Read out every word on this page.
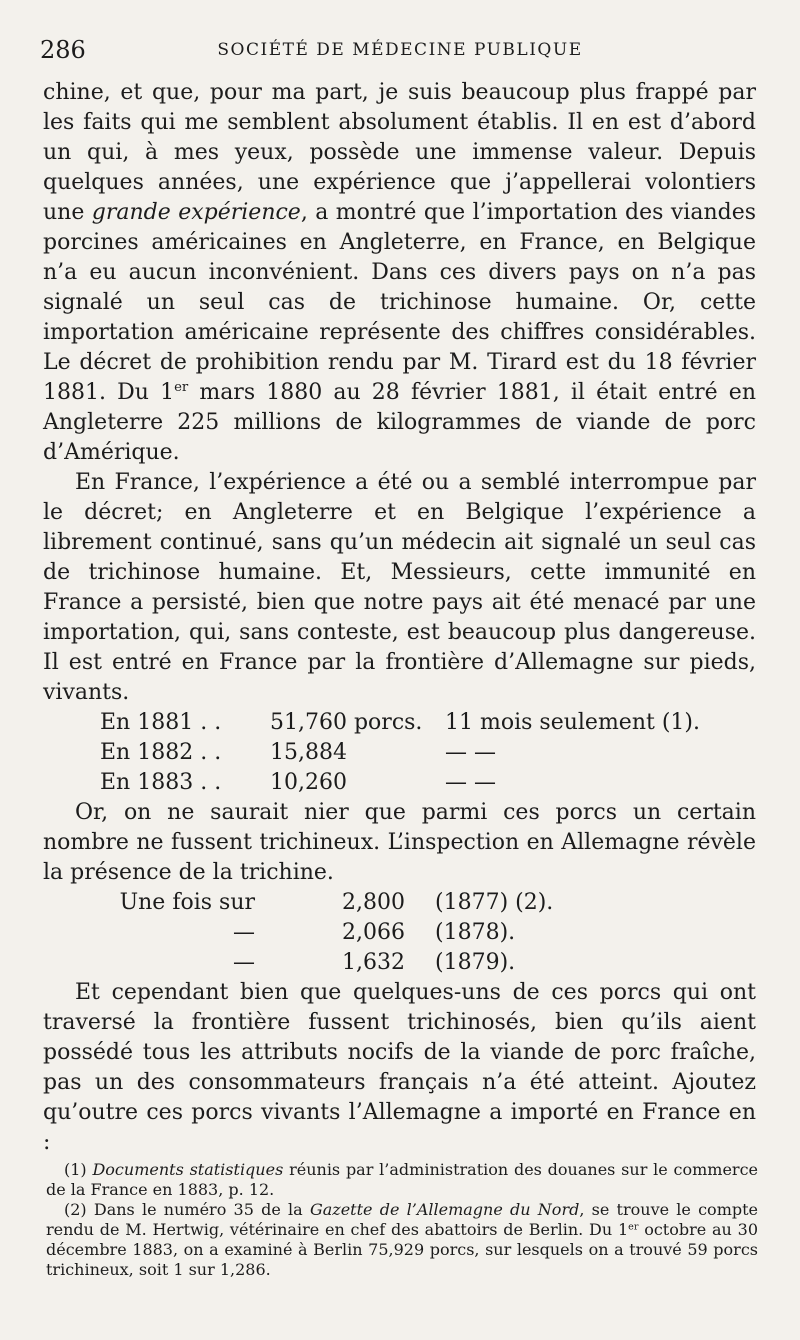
286	SOCIÉTÉ DE MÉDECINE PUBLIQUE

chine, et que, pour ma part, je suis beaucoup plus frappé par les faits qui me semblent absolument établis. Il en est d’abord un qui, à mes yeux, possède une immense valeur. Depuis quelques années, une expérience que j’appellerai volontiers une grande expérience, a montré que l’importation des viandes porcines américaines en Angleterre, en France, en Belgique n’a eu aucun inconvénient. Dans ces divers pays on n’a pas signalé un seul cas de trichinose humaine. Or, cette importation américaine représente des chiffres considérables. Le décret de prohibition rendu par M. Tirard est du 18 février 1881. Du 1er mars 1880 au 28 février 1881, il était entré en Angleterre 225 millions de kilogrammes de viande de porc d’Amérique.

En France, l’expérience a été ou a semblé interrompue par le décret; en Angleterre et en Belgique l’expérience a librement continué, sans qu’un médecin ait signalé un seul cas de trichinose humaine. Et, Messieurs, cette immunité en France a persisté, bien que notre pays ait été menacé par une importation, qui, sans conteste, est beaucoup plus dangereuse. Il est entré en France par la frontière d’Allemagne sur pieds, vivants.

En 1881 . .	51,760 porcs.	11 mois seulement (1).
En 1882 . .	15,884	— —
En 1883 . .	10,260	— —

Or, on ne saurait nier que parmi ces porcs un certain nombre ne fussent trichineux. L’inspection en Allemagne révèle la présence de la trichine.

Une fois sur	2,800	(1877) (2).
—	2,066	(1878).
—	1,632	(1879).

Et cependant bien que quelques-uns de ces porcs qui ont traversé la frontière fussent trichinosés, bien qu’ils aient possédé tous les attributs nocifs de la viande de porc fraîche, pas un des consommateurs français n’a été atteint. Ajoutez qu’outre ces porcs vivants l’Allemagne a importé en France en :

(1) Documents statistiques réunis par l’administration des douanes sur le commerce de la France en 1883, p. 12.

(2) Dans le numéro 35 de la Gazette de l’Allemagne du Nord, se trouve le compte rendu de M. Hertwig, vétérinaire en chef des abattoirs de Berlin. Du 1er octobre au 30 décembre 1883, on a examiné à Berlin 75,929 porcs, sur lesquels on a trouvé 59 porcs trichineux, soit 1 sur 1,286.
